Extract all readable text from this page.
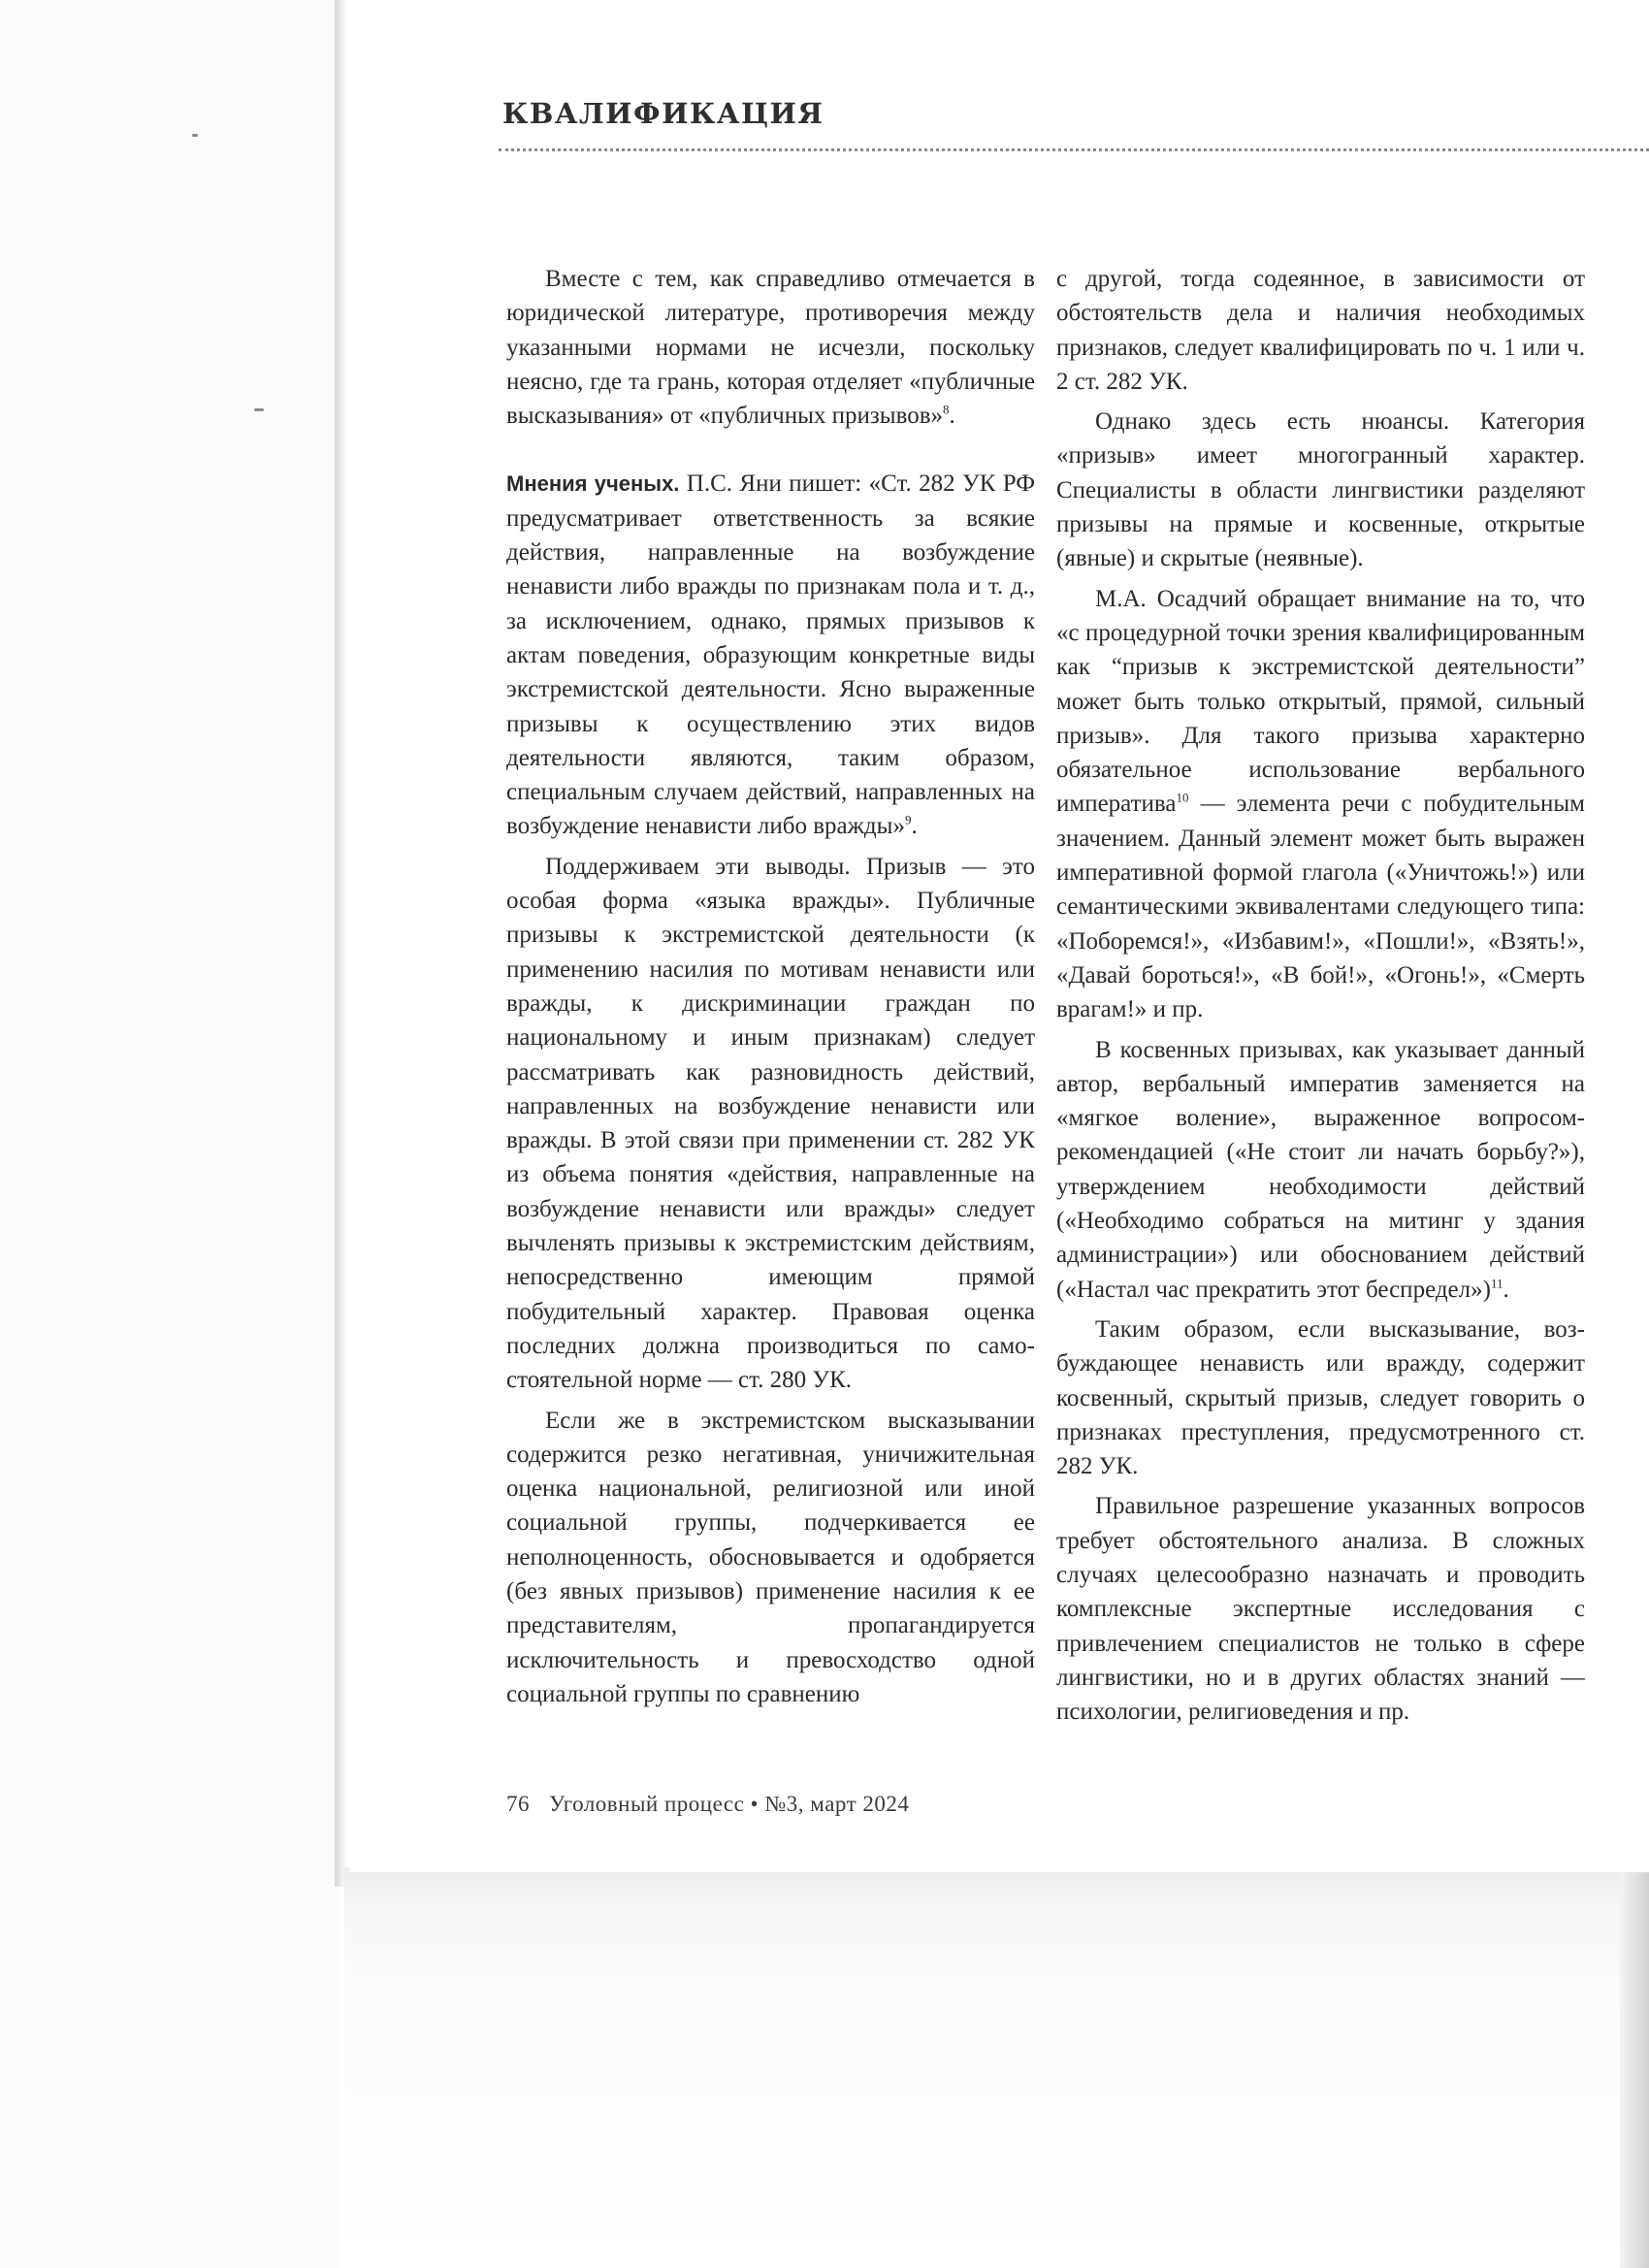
КВАЛИФИКАЦИЯ

Вместе с тем, как справедливо отмечается в юридической литературе, противоречия между указанными нормами не исчезли, поскольку неясно, где та грань, которая отделяет «публичные высказывания» от «публичных призывов»$^8$.

Мнения ученых. П.С. Яни пишет: «Ст. 282 УК РФ предусматривает ответственность за всякие действия, направленные на возбуждение ненависти либо вражды по признакам пола и т. д., за исключением, однако, прямых призывов к актам поведения, образующим конкретные виды экстремистской деятельности. Ясно выраженные призывы к осуществлению этих видов деятельности являются, таким образом, специальным случаем действий, направленных на возбуждение ненависти либо вражды»$^9$.

Поддерживаем эти выводы. Призыв — это особая форма «языка вражды». Публичные призывы к экстремистской деятельности (к применению насилия по мотивам ненависти или вражды, к дискриминации граждан по национальному и иным признакам) следует рассматривать как разновидность действий, направленных на возбуждение ненависти или вражды. В этой связи при применении ст. 282 УК из объема понятия «действия, направленные на возбуждение ненависти или вражды» следует вычленять призывы к экстремистским действиям, непосредственно имеющим прямой побудительный характер. Правовая оценка последних должна производиться по самостоятельной норме — ст. 280 УК.

Если же в экстремистском высказывании содержится резко негативная, уничижительная оценка национальной, религиозной или иной социальной группы, подчеркивается ее неполноценность, обосновывается и одобряется (без явных призывов) применение насилия к ее представителям, пропагандируется исключительность и превосходство одной социальной группы по сравнению

с другой, тогда содеянное, в зависимости от обстоятельств дела и наличия необходимых признаков, следует квалифицировать по ч. 1 или ч. 2 ст. 282 УК.

Однако здесь есть нюансы. Категория «призыв» имеет многогранный характер. Специалисты в области лингвистики разделяют призывы на прямые и косвенные, открытые (явные) и скрытые (неявные).

М.А. Осадчий обращает внимание на то, что «с процедурной точки зрения квалифицированным как “призыв к экстремистской деятельности” может быть только открытый, прямой, сильный призыв». Для такого призыва характерно обязательное использование вербального императива$^{10}$ — элемента речи с побудительным значением. Данный элемент может быть выражен императивной формой глагола («Уничтожь!») или семантическими эквивалентами следующего типа: «Поборемся!», «Избавим!», «Пошли!», «Взять!», «Давай бороться!», «В бой!», «Огонь!», «Смерть врагам!» и пр.

В косвенных призывах, как указывает данный автор, вербальный императив заменяется на «мягкое воление», выраженное вопросом-рекомендацией («Не стоит ли начать борьбу?»), утверждением необходимости действий («Необходимо собраться на митинг у здания администрации») или обоснованием действий («Настал час прекратить этот беспредел»)$^{11}$.

Таким образом, если высказывание, возбуждающее ненависть или вражду, содержит косвенный, скрытый призыв, следует говорить о признаках преступления, предусмотренного ст. 282 УК.

Правильное разрешение указанных вопросов требует обстоятельного анализа. В сложных случаях целесообразно назначать и проводить комплексные экспертные исследования с привлечением специалистов не только в сфере лингвистики, но и в других областях знаний — психологии, религиоведения и пр.

76 Уголовный процесс • №3, март 2024
